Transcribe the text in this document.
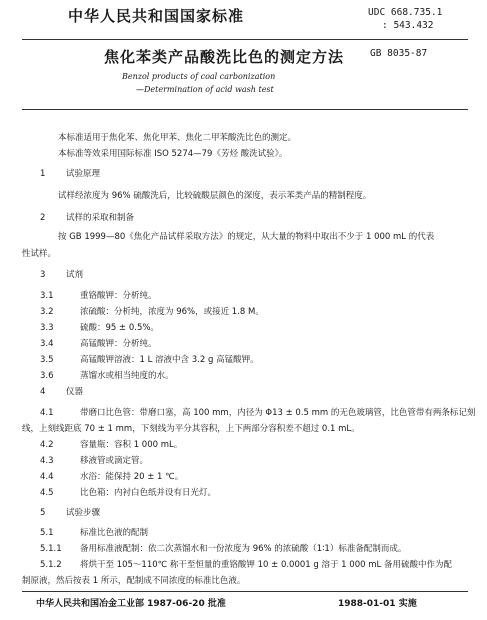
中华人民共和国国家标准	UDC 668.735.1
: 543.432
焦化苯类产品酸洗比色的测定方法	GB 8035-87
Benzol products of coal carbonization
—Determination of acid wash test
本标准适用于焦化苯、焦化甲苯、焦化二甲苯酸洗比色的测定。
本标准等效采用国际标准 ISO 5274—79《芳烃 酸洗试验》。
1 试验原理
试样经浓度为 96% 硫酸洗后，比较硫酸层颜色的深度，表示苯类产品的精制程度。
2 试样的采取和制备
按 GB 1999—80《焦化产品试样采取方法》的规定，从大量的物料中取出不少于 1 000 mL 的代表
性试样。
3 试剂
3.1	重铬酸钾：分析纯。
3.2	浓硫酸：分析纯，浓度为 96%，或接近 1.8 M。
3.3	硫酸：95 ± 0.5%。
3.4	高锰酸钾：分析纯。
3.5	高锰酸钾溶液：1 L 溶液中含 3.2 g 高锰酸钾。
3.6	蒸馏水或相当纯度的水。
4 仪器
4.1	带磨口比色管：带磨口塞，高 100 mm，内径为 Φ13 ± 0.5 mm 的无色玻璃管，比色管带有两条标记刻
线，上刻线距底 70 ± 1 mm，下刻线为平分其容积，上下两部分容积差不超过 0.1 mL。
4.2	容量瓶：容积 1 000 mL。
4.3	移液管或滴定管。
4.4	水浴：能保持 20 ± 1 ℃。
4.5	比色箱：内衬白色纸并设有日光灯。
5 试验步骤
5.1	标准比色液的配制
5.1.1 备用标准液配制：依二次蒸馏水和一份浓度为 96% 的浓硫酸（1∶1）标准备配制而成。
5.1.2 将烘干至 105～110℃ 称干至恒量的重铬酸钾 10 ± 0.0001 g 溶于 1 000 mL 备用硫酸中作为配
制原液，然后按表 1 所示，配制成不同浓度的标准比色液。
中华人民共和国冶金工业部 1987-06-20 批准	1988-01-01 实施
